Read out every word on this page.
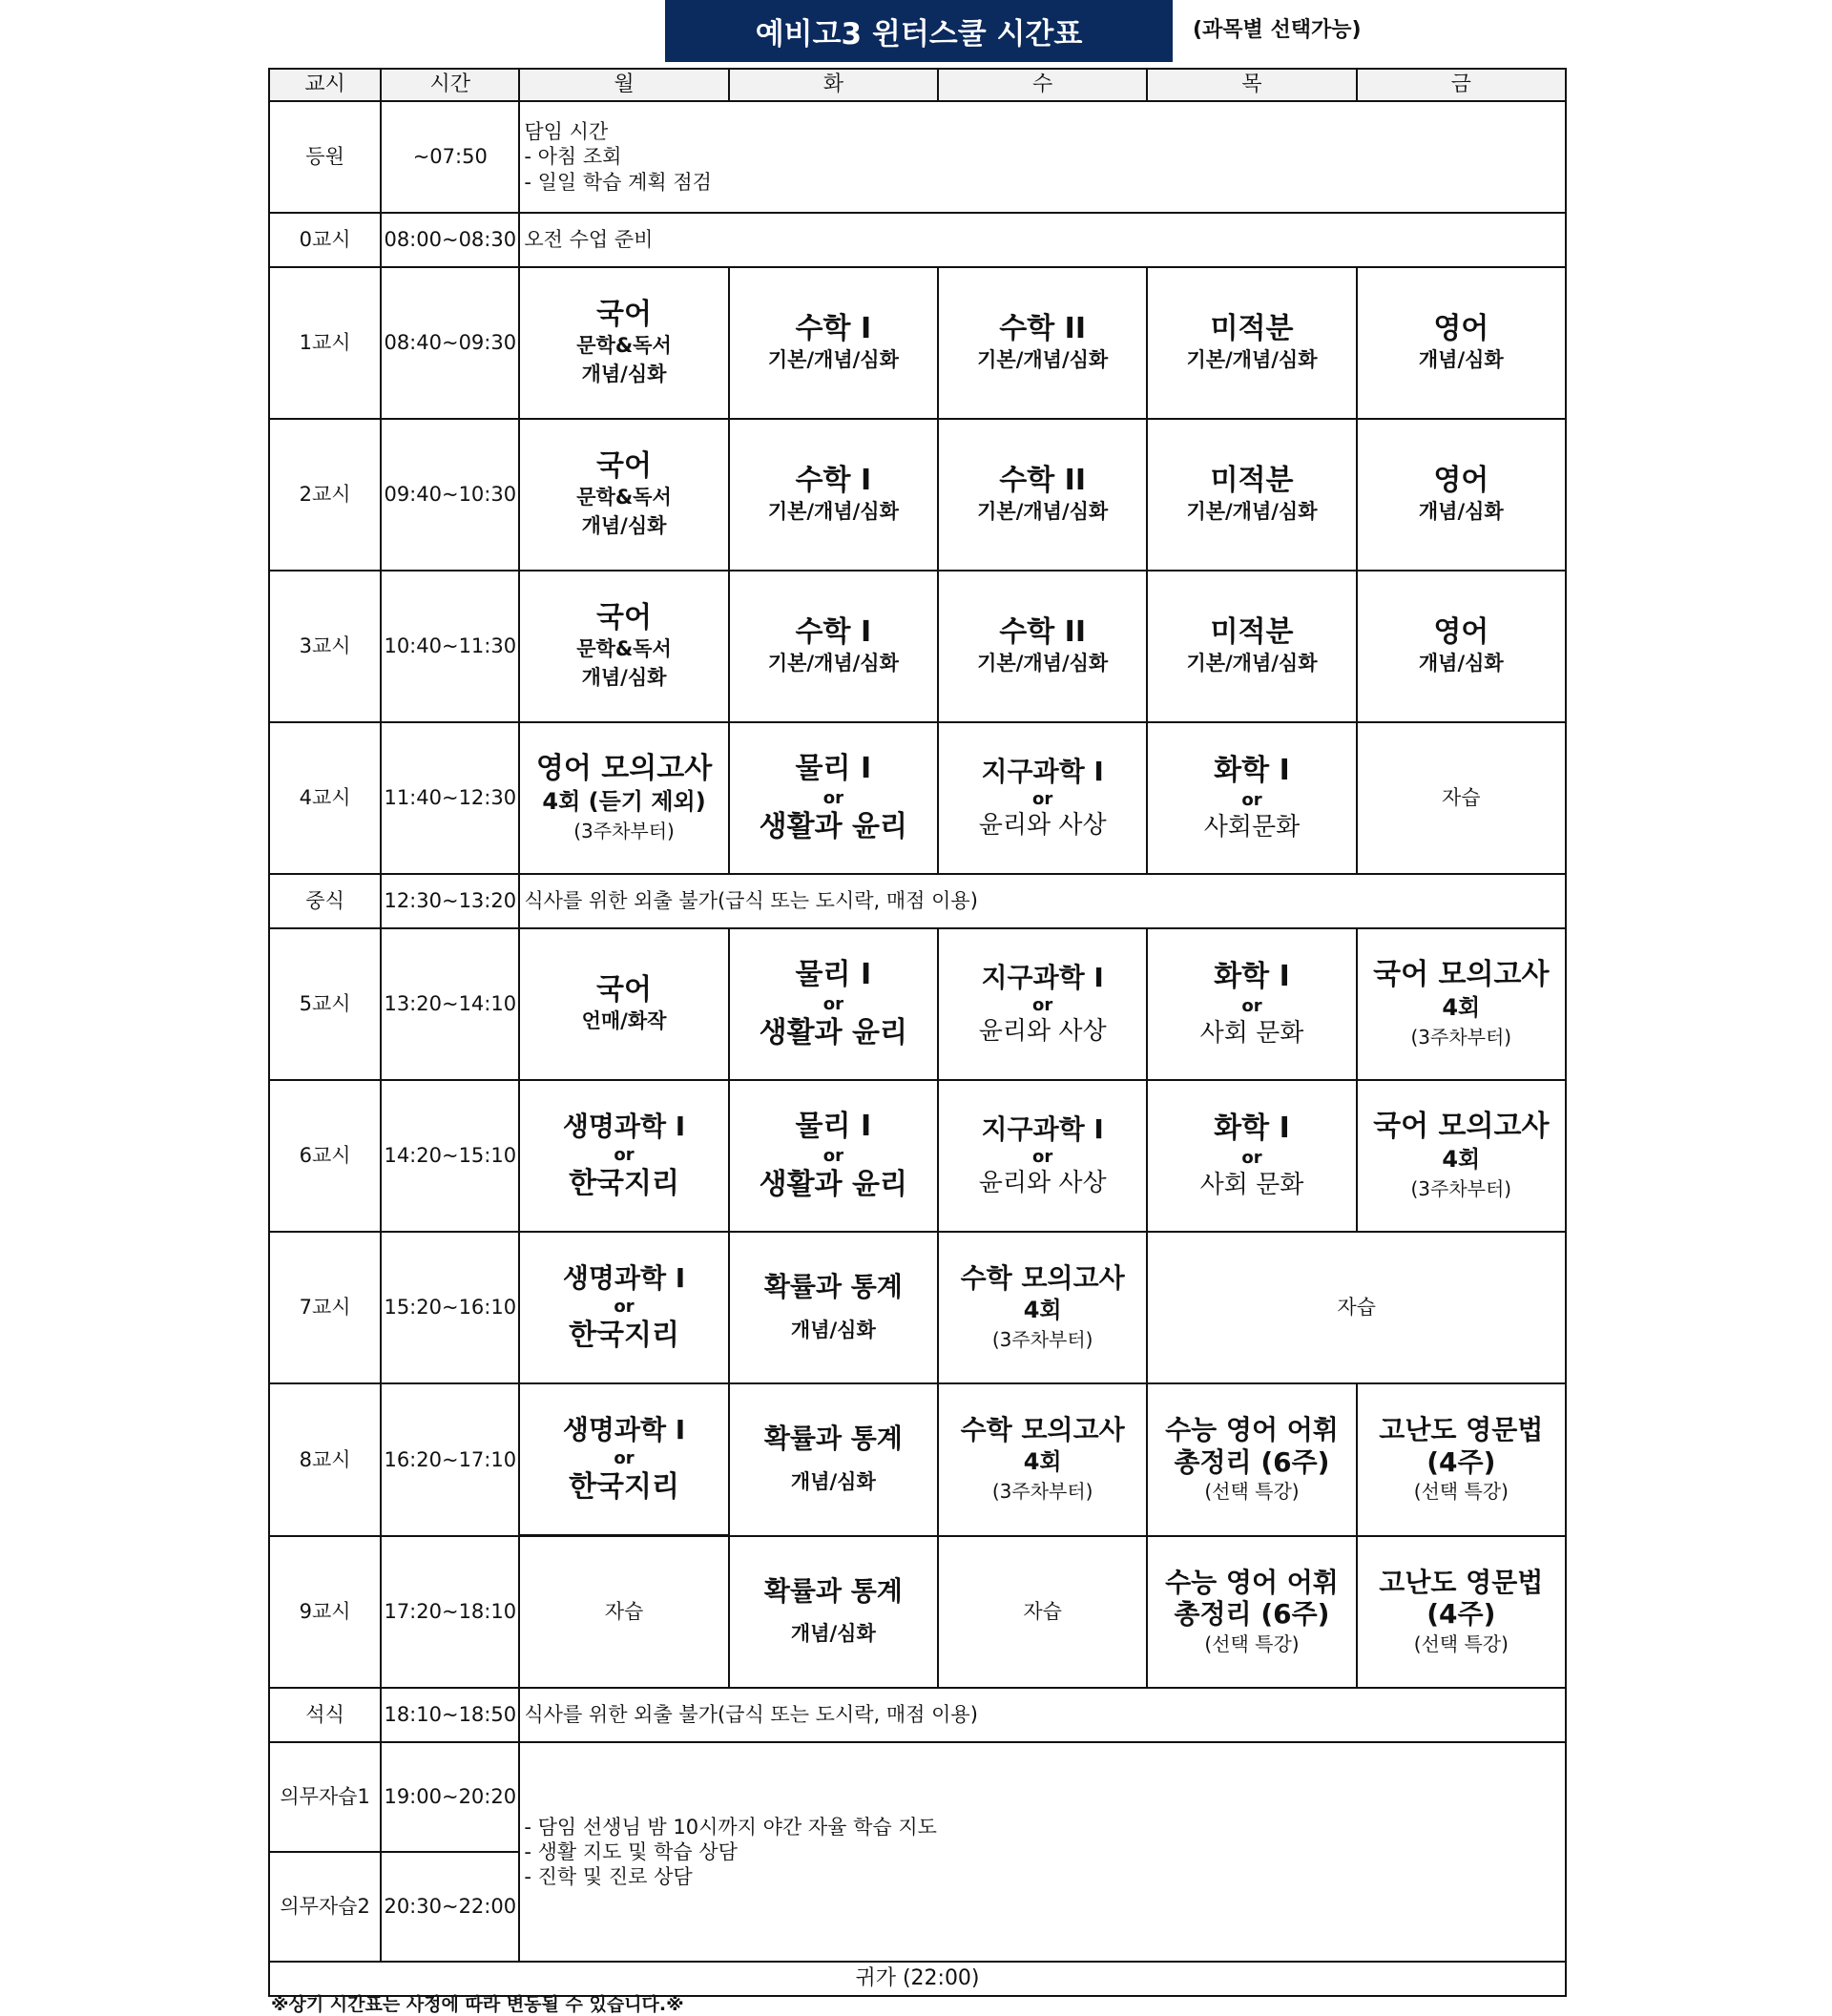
예비고3 윈터스쿨 시간표	(과목별 선택가능)
교시	시간	월	화	수	목	금
등원	~07:50	담임 시간
- 아침 조회
- 일일 학습 계획 점검				

0교시	08:00~08:30	오전 수업 준비				
1교시	08:40~09:30	국어
문학&독서
개념/심화	수학 I
기본/개념/심화	수학 II
기본/개념/심화	미적분
기본/개념/심화	영어
개념/심화

2교시	09:40~10:30	국어
문학&독서
개념/심화	수학 I
기본/개념/심화	수학 II
기본/개념/심화	미적분
기본/개념/심화	영어
개념/심화

3교시	10:40~11:30	국어
문학&독서
개념/심화	수학 I
기본/개념/심화	수학 II
기본/개념/심화	미적분
기본/개념/심화	영어
개념/심화

4교시	11:40~12:30	영어 모의고사
4회 (듣기 제외)
(3주차부터)	물리 I
or
생활과 윤리	지구과학 I
or
윤리와 사상	화학 I
or
사회문화	자습
중식	12:30~13:20	식사를 위한 외출 불가(급식 또는 도시락, 매점 이용)				
5교시	13:20~14:10	국어
언매/화작	물리 I
or
생활과 윤리	지구과학 I
or
윤리와 사상	화학 I
or
사회 문화	국어 모의고사
4회
(3주차부터)

6교시	14:20~15:10	생명과학 I
or
한국지리	물리 I
or
생활과 윤리	지구과학 I
or
윤리와 사상	화학 I
or
사회 문화	국어 모의고사
4회
(3주차부터)

7교시	15:20~16:10	생명과학 I
or
한국지리	확률과 통계
개념/심화	수학 모의고사
4회
(3주차부터)	자습	
8교시	16:20~17:10	생명과학 I
or
한국지리	확률과 통계
개념/심화	수학 모의고사
4회
(3주차부터)	수능 영어 어휘
총정리 (6주)
(선택 특강)	고난도 영문법
(4주)
(선택 특강)

9교시	17:20~18:10	자습	확률과 통계
개념/심화	자습	수능 영어 어휘
총정리 (6주)
(선택 특강)	고난도 영문법
(4주)
(선택 특강)

석식	18:10~18:50	식사를 위한 외출 불가(급식 또는 도시락, 매점 이용)				
의무자습1	19:00~20:20	- 담임 선생님 밤 10시까지 야간 자율 학습 지도
- 생활 지도 및 학습 상담
- 진학 및 진로 상담				

의무자습2	20:30~22:00					
귀가 (22:00)						
※상기 시간표는 사정에 따라 변동될 수 있습니다.※
